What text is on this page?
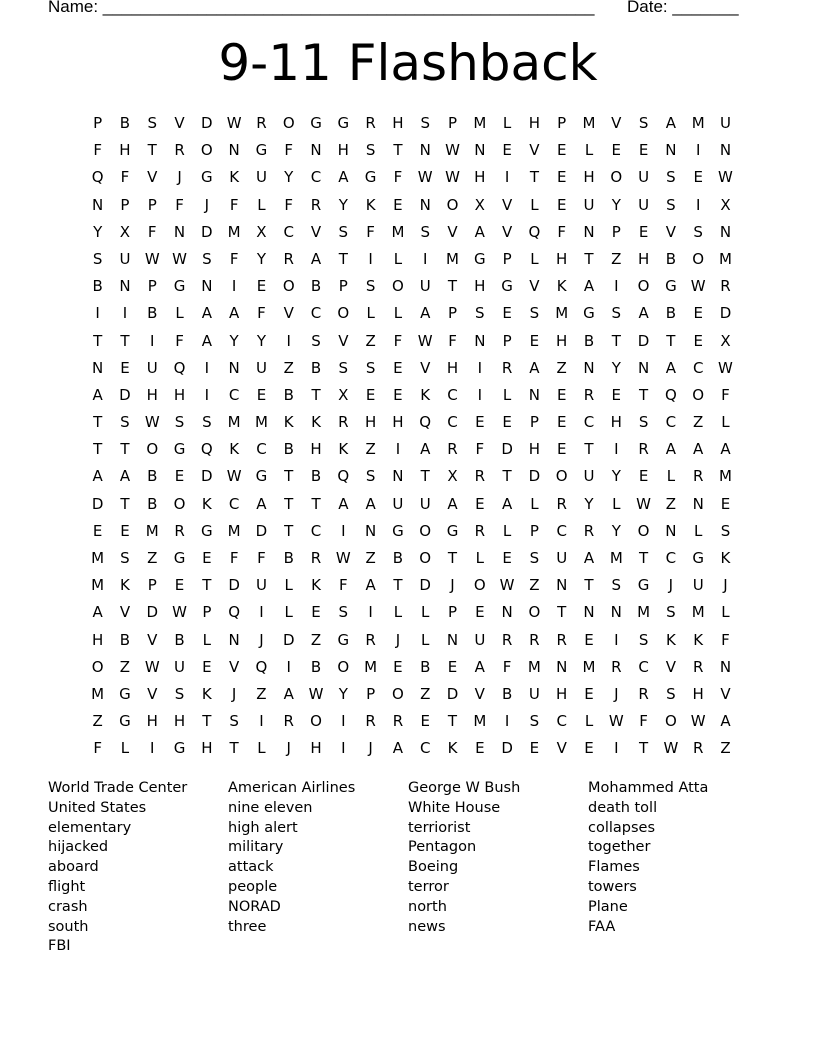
Name: ____________________________________________________ Date: _______
9-11 Flashback
P	B	S	V	D W R	O	G	G	R	H	S	P	M	L	H	P	M	V	S	A	M	U
F	H	T	R	O	N	G	F	N	H	S	T	N W N	E	V	E	L	E	E	N	I	N
Q	F	V	J	G	K	U	Y	C	A	G	F	W W H	I	T	E	H	O	U	S	E	W
N	P	P	F	J	F	L	F	R	Y	K	E	N	O	X	V	L	E	U	Y	U	S	I	X
Y	X	F	N	D	M	X	C	V	S	F	M	S	V	A	V	Q	F	N	P	E	V	S	N
S	U W W	S	F	Y	R	A	T	I	L	I	M	G	P	L	H	T	Z	H	B	O M
B	N	P	G	N	I	E	O	B	P	S	O	U	T	H	G	V	K	A	I	O	G W R
I	I	B	L	A	A	F	V	C	O	L	L	A	P	S	E	S	M	G	S	A	B	E	D
T	T	I	F	A	Y	Y	I	S	V	Z	F	W	F	N	P	E	H	B	T	D	T	E	X
N	E	U	Q	I	N	U	Z	B	S	S	E	V	H	I	R	A	Z	N	Y	N	A	C W
A	D	H	H	I	C	E	B	T	X	E	E	K	C	I	L	N	E	R	E	T	Q	O	F
T	S	W	S	S	M M	K	K	R	H	H	Q	C	E	E	P	E	C	H	S	C	Z	L
T	T	O	G	Q	K	C	B	H	K	Z	I	A	R	F	D	H	E	T	I	R	A	A	A
A	A	B	E	D W G	T	B	Q	S	N	T	X	R	T	D	O	U	Y	E	L	R	M
D	T	B	O	K	C	A	T	T	A	A	U	U	A	E	A	L	R	Y	L	W Z	N	E
E	E	M	R	G	M	D	T	C	I	N	G	O	G	R	L	P	C	R	Y	O	N	L	S
M	S	Z	G	E	F	F	B	R W Z	B	O	T	L	E	S	U	A	M	T	C	G	K
M	K	P	E	T	D	U	L	K	F	A	T	D	J	O W Z	N	T	S	G	J	U	J
A	V	D W	P	Q	I	L	E	S	I	L	L	P	E	N	O	T	N	N	M	S	M	L
H	B	V	B	L	N	J	D	Z	G	R	J	L	N	U	R	R	R	E	I	S	K	K	F
O	Z W U	E	V	Q	I	B	O M	E	B	E	A	F	M	N	M	R	C	V	R	N
M	G	V	S	K	J	Z	A W	Y	P	O	Z	D	V	B	U	H	E	J	R	S	H	V
Z	G	H	H	T	S	I	R	O	I	R	R	E	T	M	I	S	C	L	W	F	O W A
F	L	I	G	H	T	L	J	H	I	J	A	C	K	E	D	E	V	E	I	T	W R	Z
World Trade Center
United States
elementary
hijacked
aboard
flight
crash
south
FBI
American Airlines
nine eleven
high alert
military
attack
people
NORAD
three
George W Bush
White House
terriorist
Pentagon
Boeing
terror
north
news
Mohammed Atta
death toll
collapses
together
Flames
towers
Plane
FAA
